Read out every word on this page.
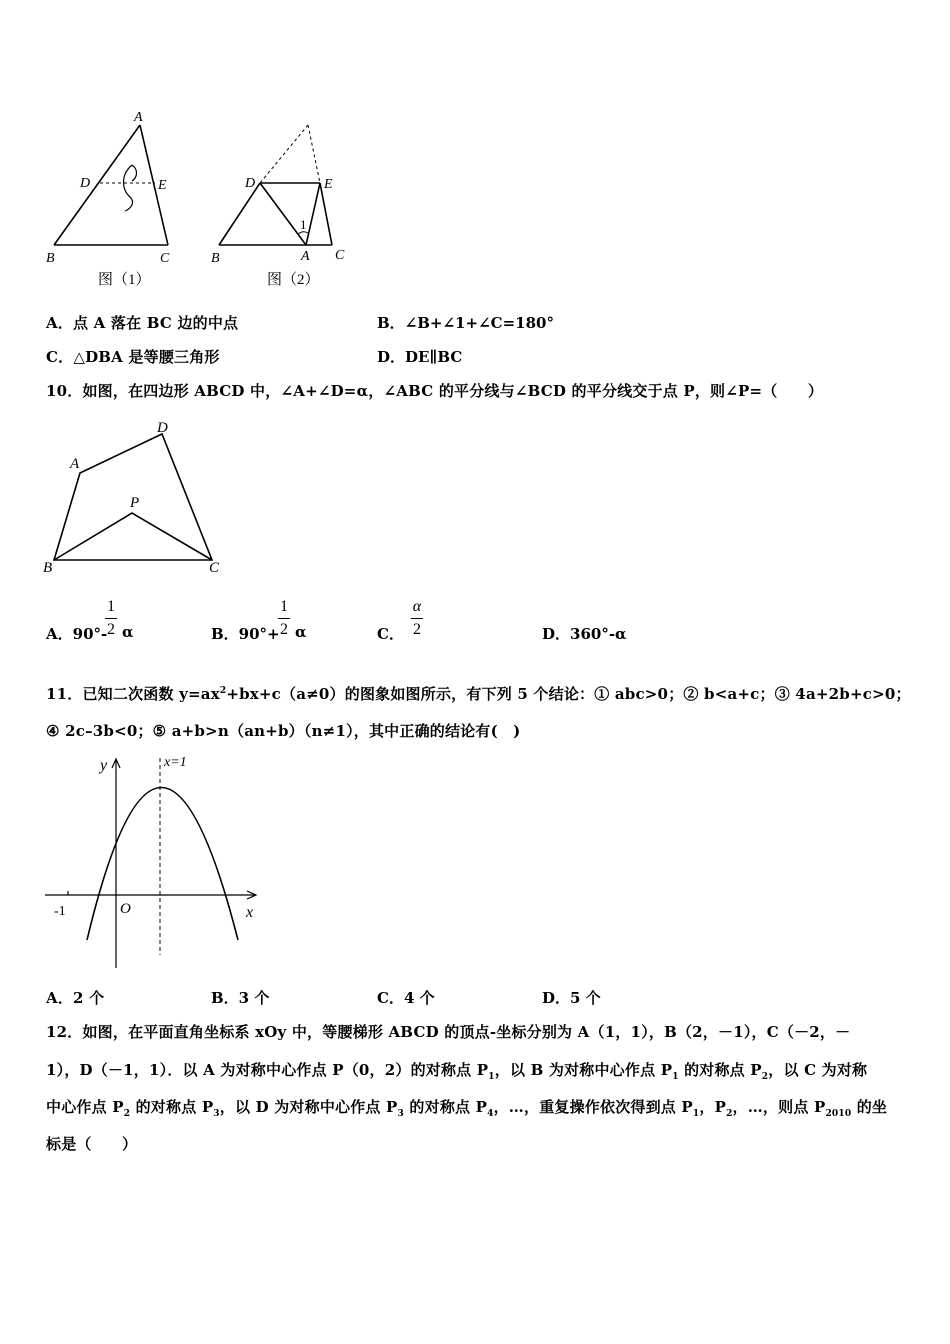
A
D	E
B	C
图（1）
1
D	E
B	A C
图（2）
A．点 A 落在 BC 边的中点	B．∠B+∠1+∠C=180°
C．△DBA 是等腰三角形	D．DE∥BC
10．如图，在四边形 ABCD 中，∠A+∠D=α，∠ABC 的平分线与∠BCD 的平分线交于点 P，则∠P=（　　）
A
D
P
B	C
A．90°-
1
2 α	B．90°+
1
2 α	C．
α
2	D．360°-α
11．已知二次函数 $y=ax^2+bx+c(a\ne 0)$的图象如图所示，有下列 5 个结论：① abc>0；② b<a+c；③ 4a+2b+c>0；
④ 2c–3b<0；⑤ a+b>n（an+b）（n≠1），其中正确的结论有(　)
y	x=1
-1	O	x
A．2 个	B．3 个	C．4 个	D．5 个
12．如图，在平面直角坐标系 xOy 中，等腰梯形 ABCD 的顶点-坐标分别为 A（1，1），B（2，－1），C（－2，－
1），D（－1，1）．以 A 为对称中心作点 P（0，2）的对称点 $P_1$，以 B 为对称中心作点 $P_1$ 的对称点 $P_2$，以 C 为对称
中心作点 $P_2$ 的对称点 $P_3$，以 D 为对称中心作点 $P_3$ 的对称点 $P_4$，…，重复操作依次得到点 $P_1$，$P_2$，…，则点 $P_{2010}$ 的坐
标是（　　）
